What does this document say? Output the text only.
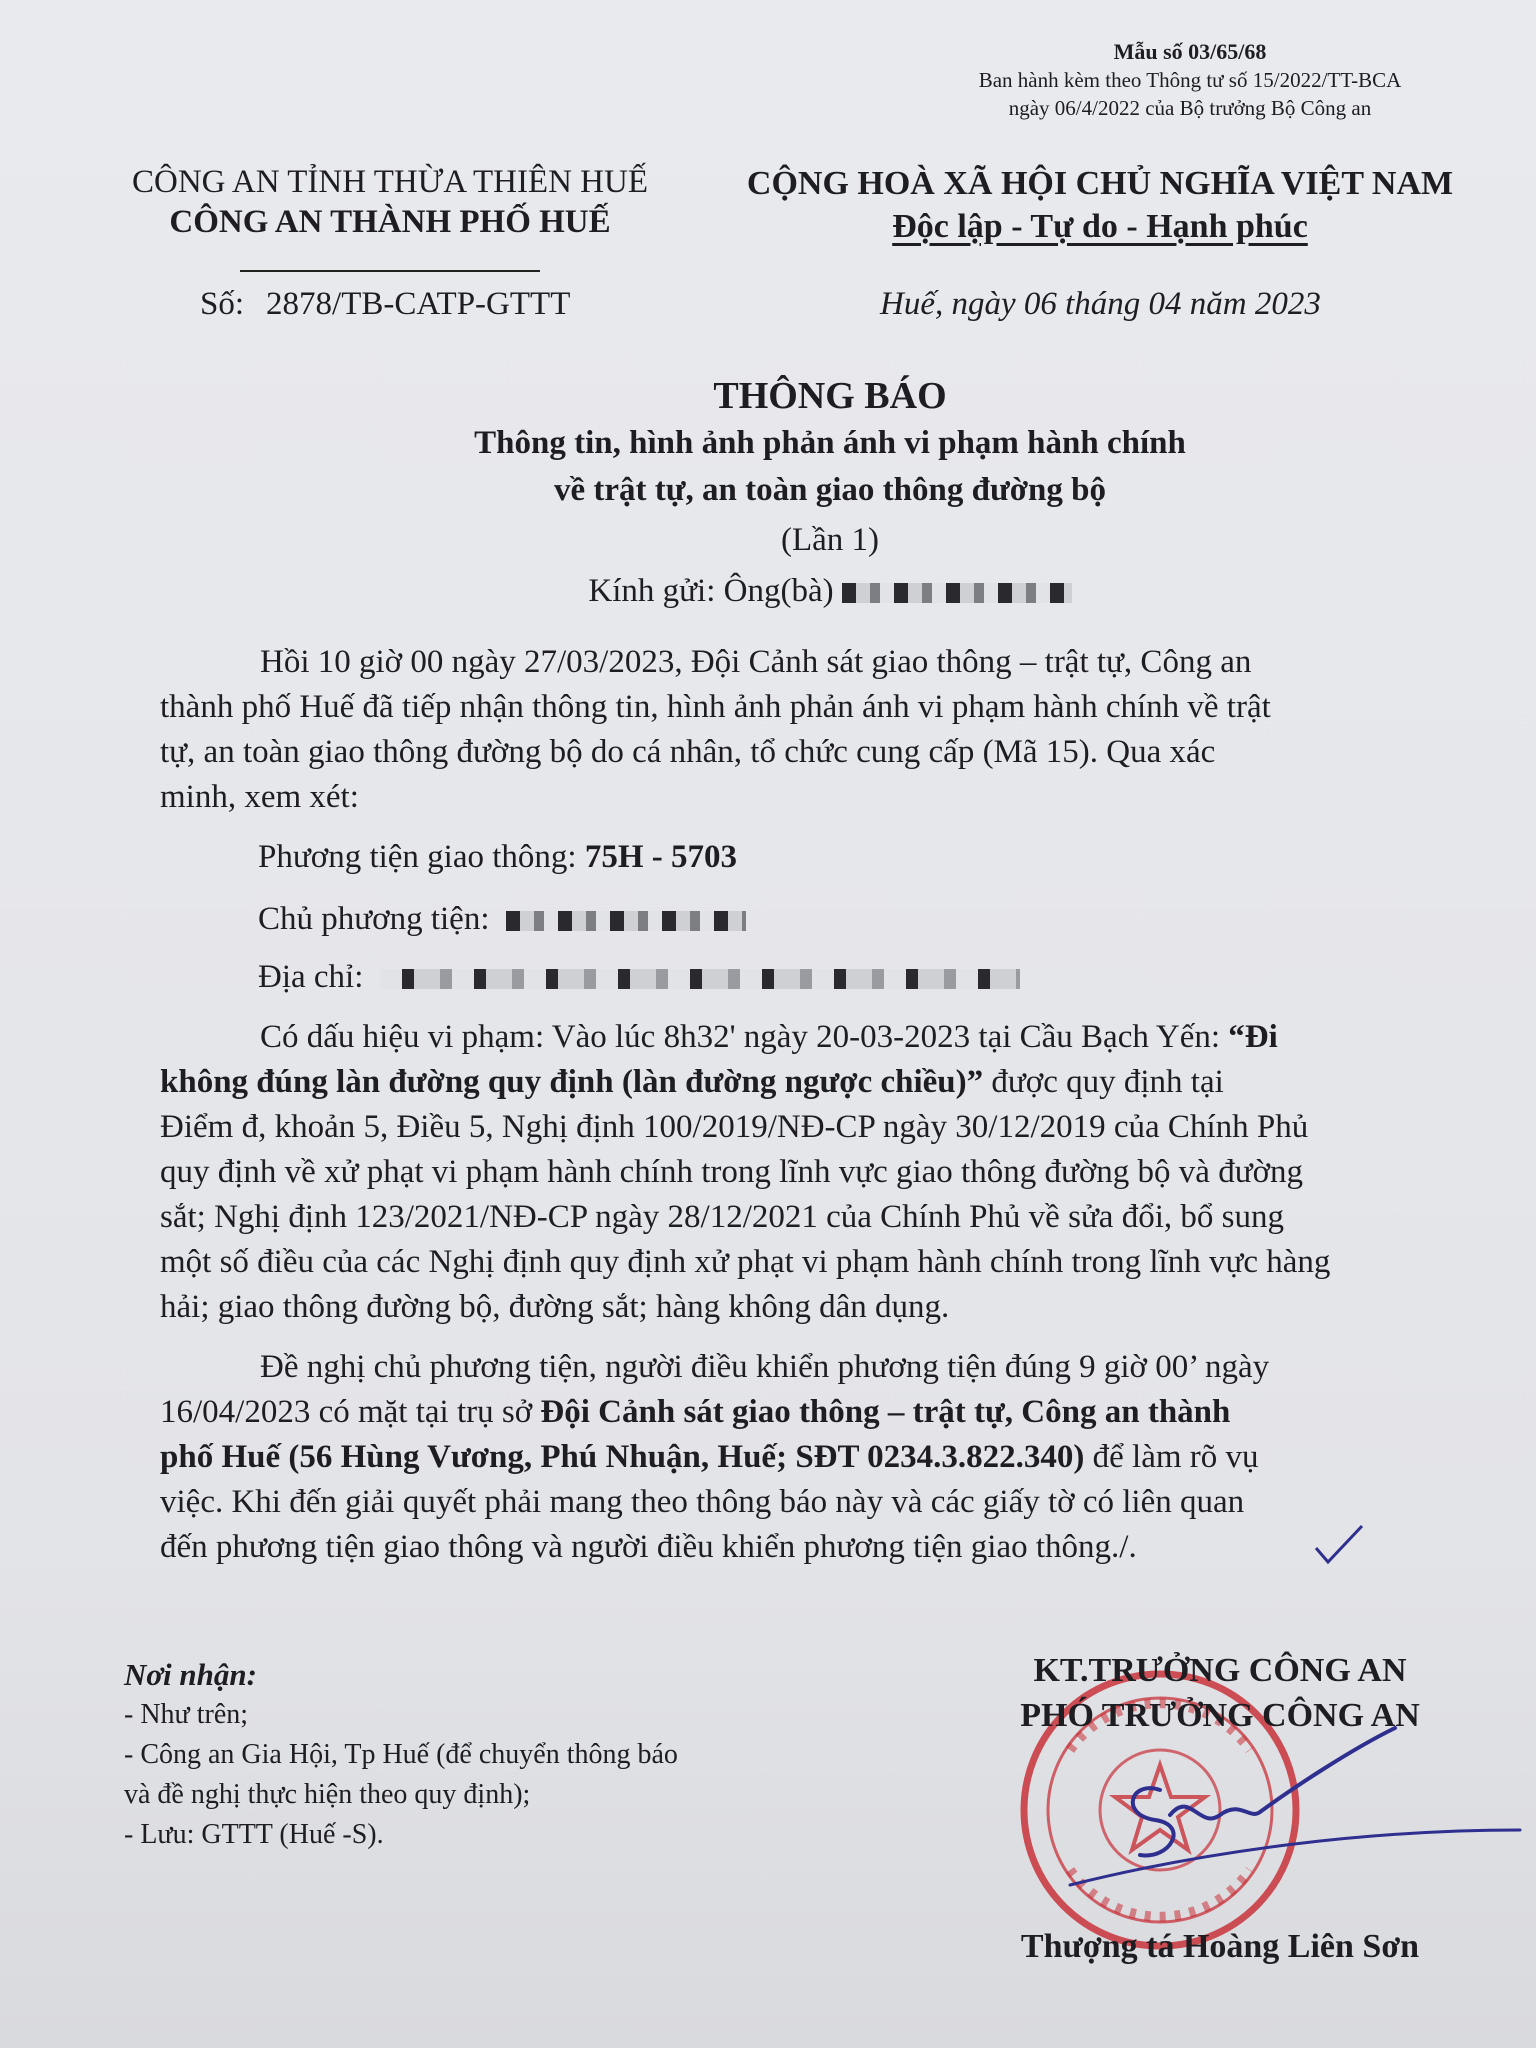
Mẫu số 03/65/68
Ban hành kèm theo Thông tư số 15/2022/TT-BCA
ngày 06/4/2022 của Bộ trưởng Bộ Công an
CÔNG AN TỈNH THỪA THIÊN HUẾ
CÔNG AN THÀNH PHỐ HUẾ
CỘNG HOÀ XÃ HỘI CHỦ NGHĨA VIỆT NAM
Độc lập - Tự do - Hạnh phúc
Số: 2878/TB-CATP-GTTT	Huế, ngày 06 tháng 04 năm 2023
THÔNG BÁO
Thông tin, hình ảnh phản ánh vi phạm hành chính
về trật tự, an toàn giao thông đường bộ
(Lần 1)
Kính gửi: Ông(bà)
Hồi 10 giờ 00 ngày 27/03/2023, Đội Cảnh sát giao thông – trật tự, Công an
thành phố Huế đã tiếp nhận thông tin, hình ảnh phản ánh vi phạm hành chính về trật
tự, an toàn giao thông đường bộ do cá nhân, tổ chức cung cấp (Mã 15). Qua xác
minh, xem xét:
Phương tiện giao thông: 75H - 5703
Chủ phương tiện:
Địa chỉ:
Có dấu hiệu vi phạm: Vào lúc 8h32' ngày 20-03-2023 tại Cầu Bạch Yến: “Đi
không đúng làn đường quy định (làn đường ngược chiều)” được quy định tại
Điểm đ, khoản 5, Điều 5, Nghị định 100/2019/NĐ-CP ngày 30/12/2019 của Chính Phủ
quy định về xử phạt vi phạm hành chính trong lĩnh vực giao thông đường bộ và đường
sắt; Nghị định 123/2021/NĐ-CP ngày 28/12/2021 của Chính Phủ về sửa đổi, bổ sung
một số điều của các Nghị định quy định xử phạt vi phạm hành chính trong lĩnh vực hàng
hải; giao thông đường bộ, đường sắt; hàng không dân dụng.
Đề nghị chủ phương tiện, người điều khiển phương tiện đúng 9 giờ 00’ ngày
16/04/2023 có mặt tại trụ sở Đội Cảnh sát giao thông – trật tự, Công an thành
phố Huế (56 Hùng Vương, Phú Nhuận, Huế; SĐT 0234.3.822.340) để làm rõ vụ
việc. Khi đến giải quyết phải mang theo thông báo này và các giấy tờ có liên quan
đến phương tiện giao thông và người điều khiển phương tiện giao thông./.
Nơi nhận:
- Như trên;
- Công an Gia Hội, Tp Huế (để chuyển thông báo
và đề nghị thực hiện theo quy định);
- Lưu: GTTT (Huế -S).
KT.TRƯỞNG CÔNG AN
PHÓ TRƯỞNG CÔNG AN
Thượng tá Hoàng Liên Sơn
